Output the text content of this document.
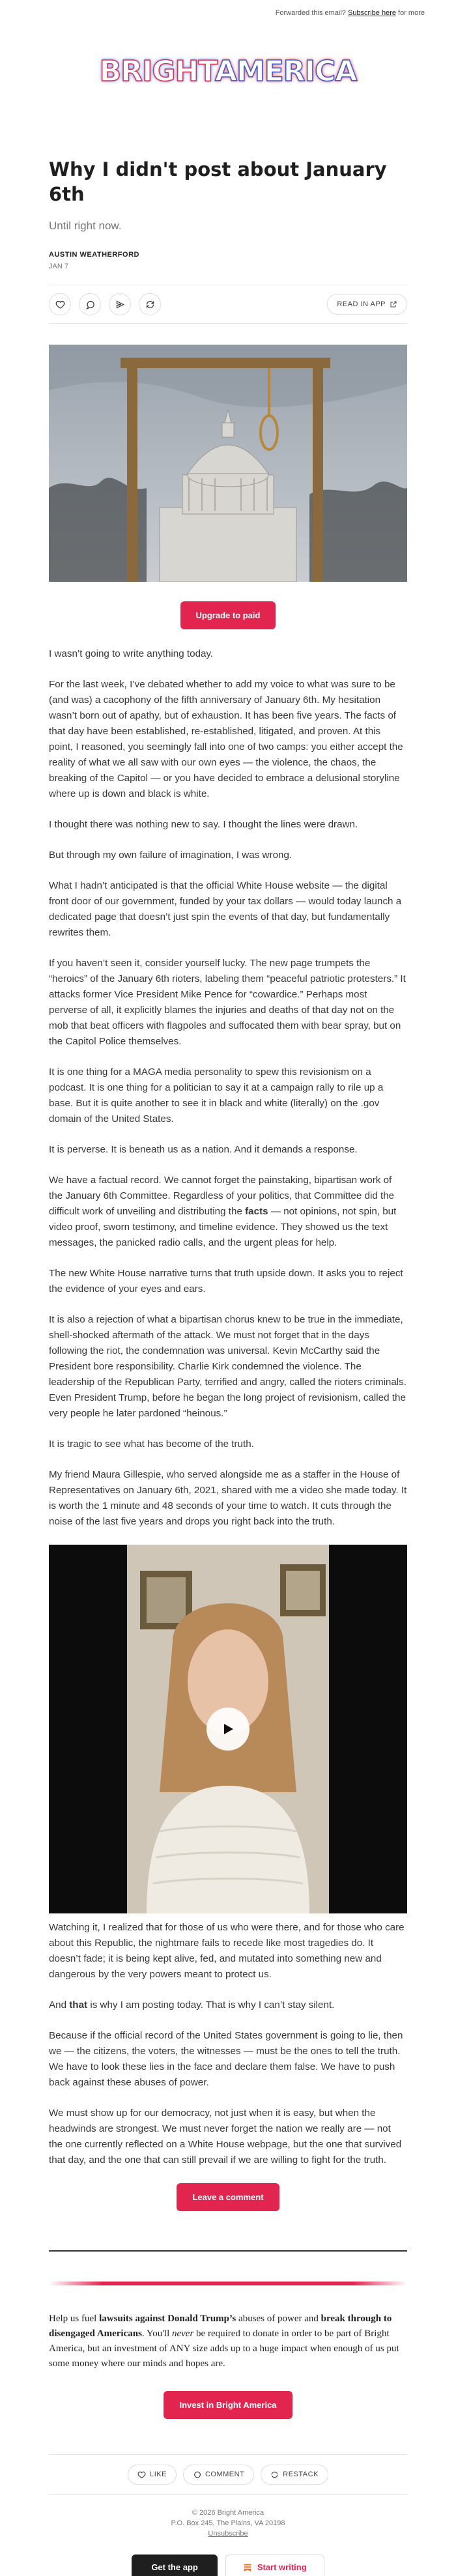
Forwarded this email? Subscribe here for more
BRIGHTAMERICA
Why I didn't post about January 6th
Until right now.
AUSTIN WEATHERFORD
JAN 7
READ IN APP
Upgrade to paid

I wasn’t going to write anything today.

For the last week, I’ve debated whether to add my voice to what was sure to be (and was) a cacophony of the fifth anniversary of January 6th. My hesitation wasn’t born out of apathy, but of exhaustion. It has been five years. The facts of that day have been established, re-established, litigated, and proven. At this point, I reasoned, you seemingly fall into one of two camps: you either accept the reality of what we all saw with our own eyes — the violence, the chaos, the breaking of the Capitol — or you have decided to embrace a delusional storyline where up is down and black is white.

I thought there was nothing new to say. I thought the lines were drawn.

But through my own failure of imagination, I was wrong.

What I hadn’t anticipated is that the official White House website — the digital front door of our government, funded by your tax dollars — would today launch a dedicated page that doesn’t just spin the events of that day, but fundamentally rewrites them.

If you haven’t seen it, consider yourself lucky. The new page trumpets the “heroics” of the January 6th rioters, labeling them “peaceful patriotic protesters.” It attacks former Vice President Mike Pence for “cowardice.” Perhaps most perverse of all, it explicitly blames the injuries and deaths of that day not on the mob that beat officers with flagpoles and suffocated them with bear spray, but on the Capitol Police themselves.

It is one thing for a MAGA media personality to spew this revisionism on a podcast. It is one thing for a politician to say it at a campaign rally to rile up a base. But it is quite another to see it in black and white (literally) on the .gov domain of the United States.

It is perverse. It is beneath us as a nation. And it demands a response.

We have a factual record. We cannot forget the painstaking, bipartisan work of the January 6th Committee. Regardless of your politics, that Committee did the difficult work of unveiling and distributing the facts — not opinions, not spin, but video proof, sworn testimony, and timeline evidence. They showed us the text messages, the panicked radio calls, and the urgent pleas for help.

The new White House narrative turns that truth upside down. It asks you to reject the evidence of your eyes and ears.

It is also a rejection of what a bipartisan chorus knew to be true in the immediate, shell-shocked aftermath of the attack. We must not forget that in the days following the riot, the condemnation was universal. Kevin McCarthy said the President bore responsibility. Charlie Kirk condemned the violence. The leadership of the Republican Party, terrified and angry, called the rioters criminals. Even President Trump, before he began the long project of revisionism, called the very people he later pardoned “heinous.”

It is tragic to see what has become of the truth.

My friend Maura Gillespie, who served alongside me as a staffer in the House of Representatives on January 6th, 2021, shared with me a video she made today. It is worth the 1 minute and 48 seconds of your time to watch. It cuts through the noise of the last five years and drops you right back into the truth.

Watching it, I realized that for those of us who were there, and for those who care about this Republic, the nightmare fails to recede like most tragedies do. It doesn’t fade; it is being kept alive, fed, and mutated into something new and dangerous by the very powers meant to protect us.

And that is why I am posting today. That is why I can’t stay silent.

Because if the official record of the United States government is going to lie, then we — the citizens, the voters, the witnesses — must be the ones to tell the truth. We have to look these lies in the face and declare them false. We have to push back against these abuses of power.

We must show up for our democracy, not just when it is easy, but when the headwinds are strongest. We must never forget the nation we really are — not the one currently reflected on a White House webpage, but the one that survived that day, and the one that can still prevail if we are willing to fight for the truth.

Leave a comment
Help us fuel lawsuits against Donald Trump’s abuses of power and break through to disengaged Americans. You'll never be required to donate in order to be part of Bright America, but an investment of ANY size adds up to a huge impact when enough of us put some money where our minds and hopes are.
Invest in Bright America
LIKE	COMMENT	RESTACK
© 2026 Bright America
P.O. Box 245, The Plains, VA 20198
Unsubscribe
Get the app	Start writing
